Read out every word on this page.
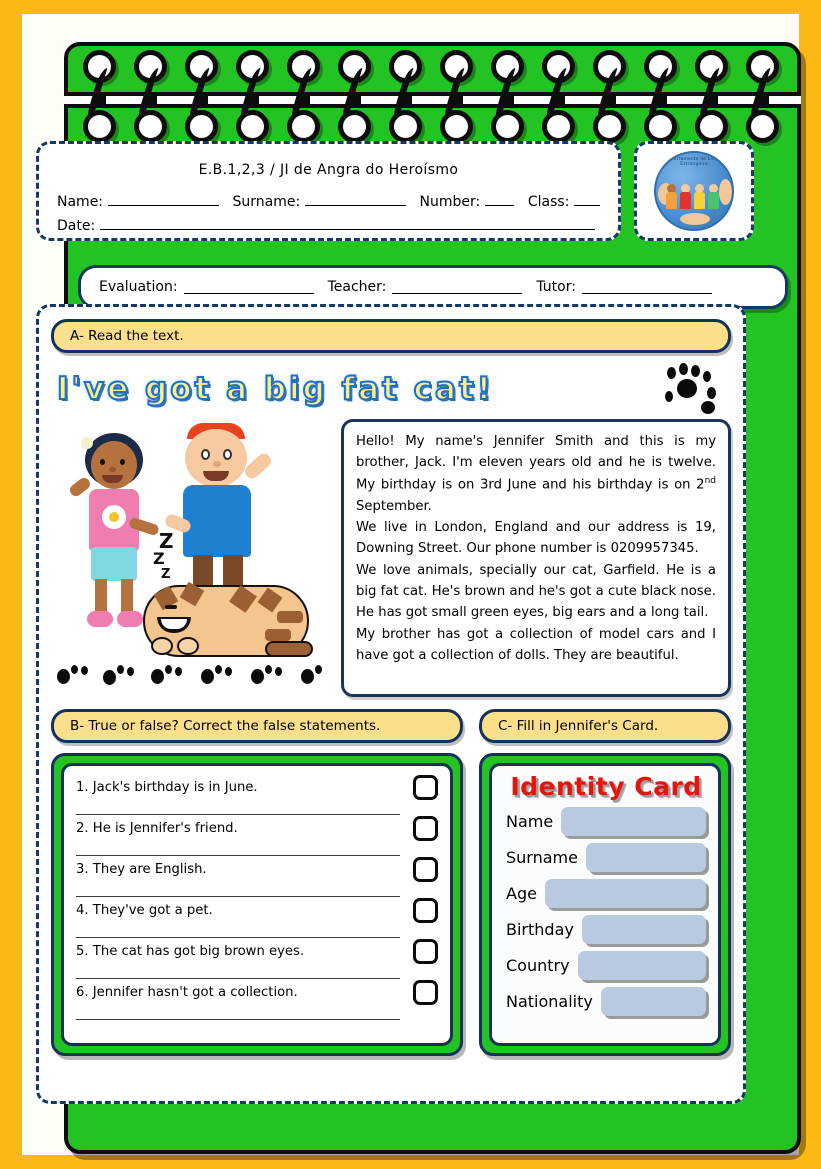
E.B.1,2,3 / JI de Angra do Heroísmo
Name:	Surname:	Number:	Class:
Date:
Departamento de Língua Estrangeira
Evaluation:	Teacher:	Tutor:
A- Read the text.
I've got a big fat cat!
Z
Z
Z

Hello! My name's Jennifer Smith and this is my brother, Jack. I'm eleven years old and he is twelve. My birthday is on 3rd June and his birthday is on 2nd September.

We live in London, England and our address is 19, Downing Street. Our phone number is 0209957345.

We love animals, specially our cat, Garfield. He is a big fat cat. He's brown and he's got a cute black nose. He has got small green eyes, big ears and a long tail.

My brother has got a collection of model cars and I have got a collection of dolls. They are beautiful.

B- True or false? Correct the false statements.	C- Fill in Jennifer's Card.
1. Jack's birthday is in June.
2. He is Jennifer's friend.
3. They are English.
4. They've got a pet.
5. The cat has got big brown eyes.
6. Jennifer hasn't got a collection.
Identity Card
Name
Surname
Age
Birthday
Country
Nationality
